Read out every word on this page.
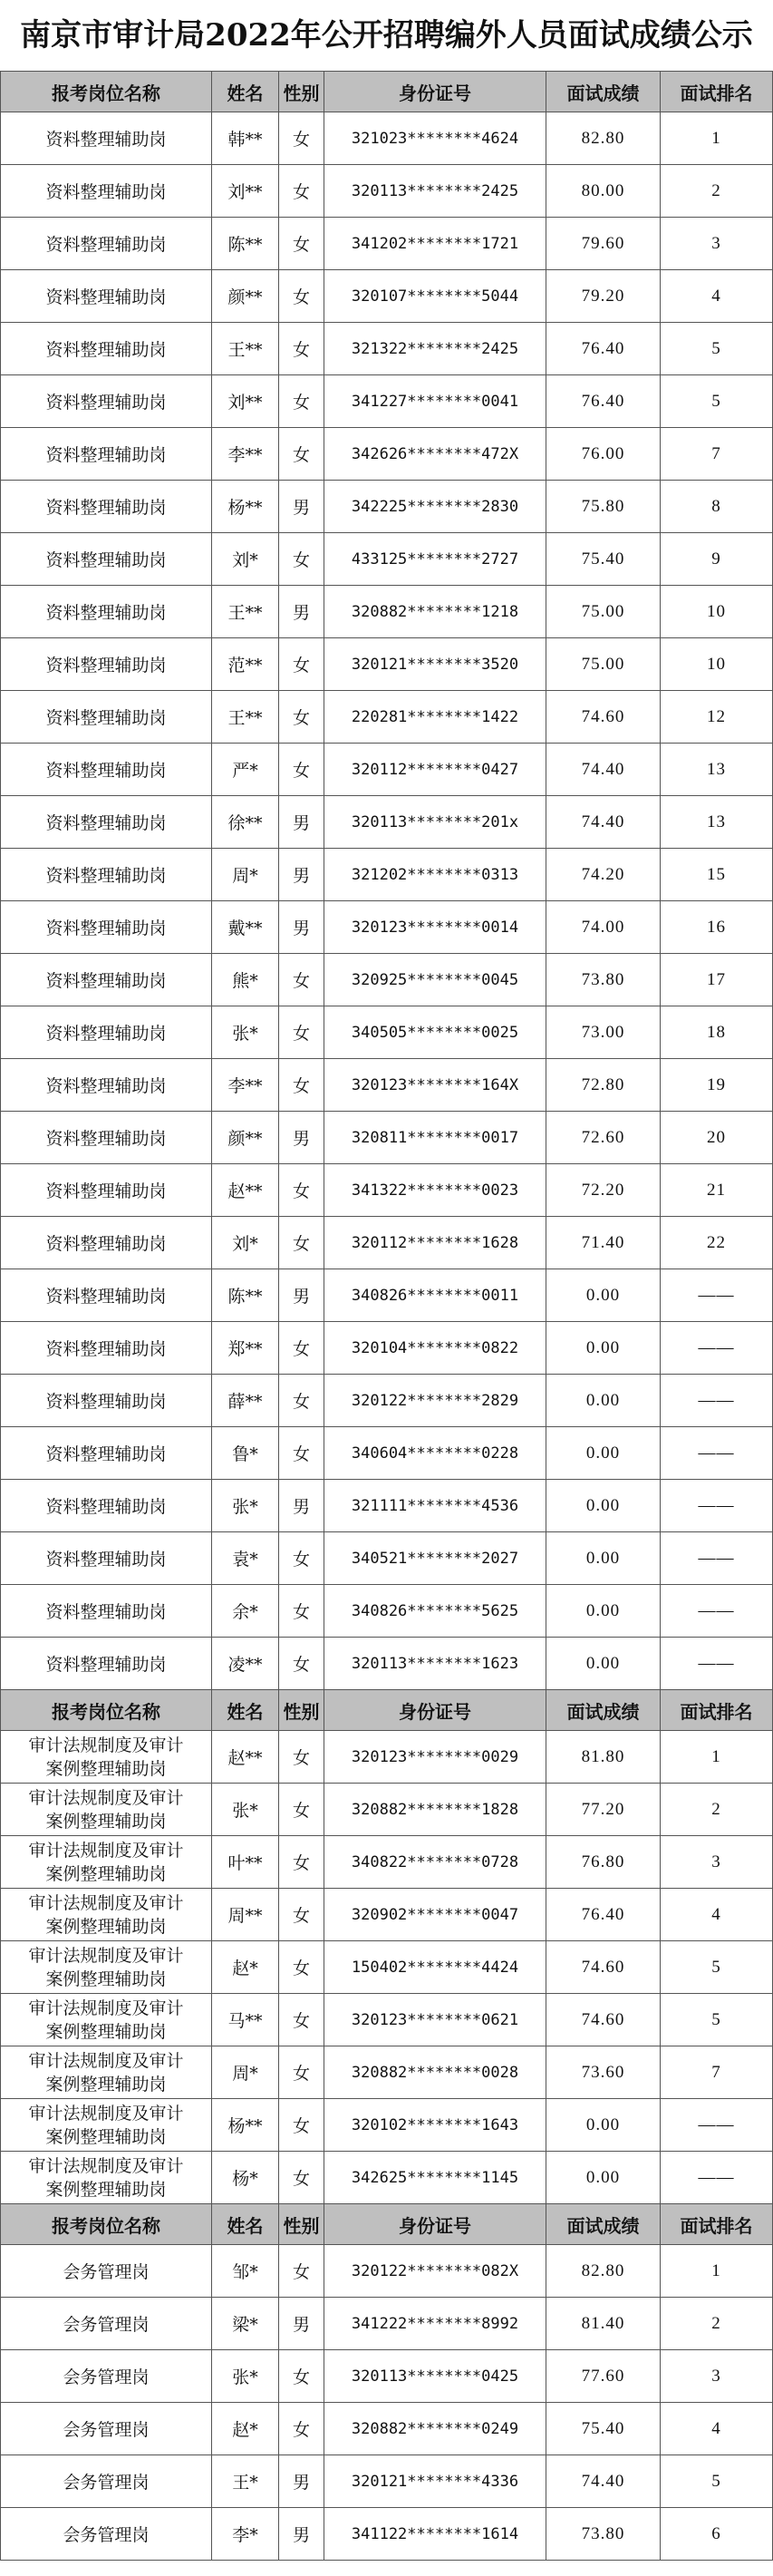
南京市审计局2022年公开招聘编外人员面试成绩公示
报考岗位名称	姓名	性别	身份证号	面试成绩	面试排名
资料整理辅助岗	韩**	女	321023********4624	82.80	1
资料整理辅助岗	刘**	女	320113********2425	80.00	2
资料整理辅助岗	陈**	女	341202********1721	79.60	3
资料整理辅助岗	颜**	女	320107********5044	79.20	4
资料整理辅助岗	王**	女	321322********2425	76.40	5
资料整理辅助岗	刘**	女	341227********0041	76.40	5
资料整理辅助岗	李**	女	342626********472X	76.00	7
资料整理辅助岗	杨**	男	342225********2830	75.80	8
资料整理辅助岗	刘*	女	433125********2727	75.40	9
资料整理辅助岗	王**	男	320882********1218	75.00	10
资料整理辅助岗	范**	女	320121********3520	75.00	10
资料整理辅助岗	王**	女	220281********1422	74.60	12
资料整理辅助岗	严*	女	320112********0427	74.40	13
资料整理辅助岗	徐**	男	320113********201x	74.40	13
资料整理辅助岗	周*	男	321202********0313	74.20	15
资料整理辅助岗	戴**	男	320123********0014	74.00	16
资料整理辅助岗	熊*	女	320925********0045	73.80	17
资料整理辅助岗	张*	女	340505********0025	73.00	18
资料整理辅助岗	李**	女	320123********164X	72.80	19
资料整理辅助岗	颜**	男	320811********0017	72.60	20
资料整理辅助岗	赵**	女	341322********0023	72.20	21
资料整理辅助岗	刘*	女	320112********1628	71.40	22
资料整理辅助岗	陈**	男	340826********0011	0.00	——
资料整理辅助岗	郑**	女	320104********0822	0.00	——
资料整理辅助岗	薛**	女	320122********2829	0.00	——
资料整理辅助岗	鲁*	女	340604********0228	0.00	——
资料整理辅助岗	张*	男	321111********4536	0.00	——
资料整理辅助岗	袁*	女	340521********2027	0.00	——
资料整理辅助岗	余*	女	340826********5625	0.00	——
资料整理辅助岗	凌**	女	320113********1623	0.00	——
报考岗位名称	姓名	性别	身份证号	面试成绩	面试排名
审计法规制度及审计
案例整理辅助岗	赵**	女	320123********0029	81.80	1
审计法规制度及审计
案例整理辅助岗	张*	女	320882********1828	77.20	2
审计法规制度及审计
案例整理辅助岗	叶**	女	340822********0728	76.80	3
审计法规制度及审计
案例整理辅助岗	周**	女	320902********0047	76.40	4
审计法规制度及审计
案例整理辅助岗	赵*	女	150402********4424	74.60	5
审计法规制度及审计
案例整理辅助岗	马**	女	320123********0621	74.60	5
审计法规制度及审计
案例整理辅助岗	周*	女	320882********0028	73.60	7
审计法规制度及审计
案例整理辅助岗	杨**	女	320102********1643	0.00	——
审计法规制度及审计
案例整理辅助岗	杨*	女	342625********1145	0.00	——
报考岗位名称	姓名	性别	身份证号	面试成绩	面试排名
会务管理岗	邹*	女	320122********082X	82.80	1
会务管理岗	梁*	男	341222********8992	81.40	2
会务管理岗	张*	女	320113********0425	77.60	3
会务管理岗	赵*	女	320882********0249	75.40	4
会务管理岗	王*	男	320121********4336	74.40	5
会务管理岗	李*	男	341122********1614	73.80	6
